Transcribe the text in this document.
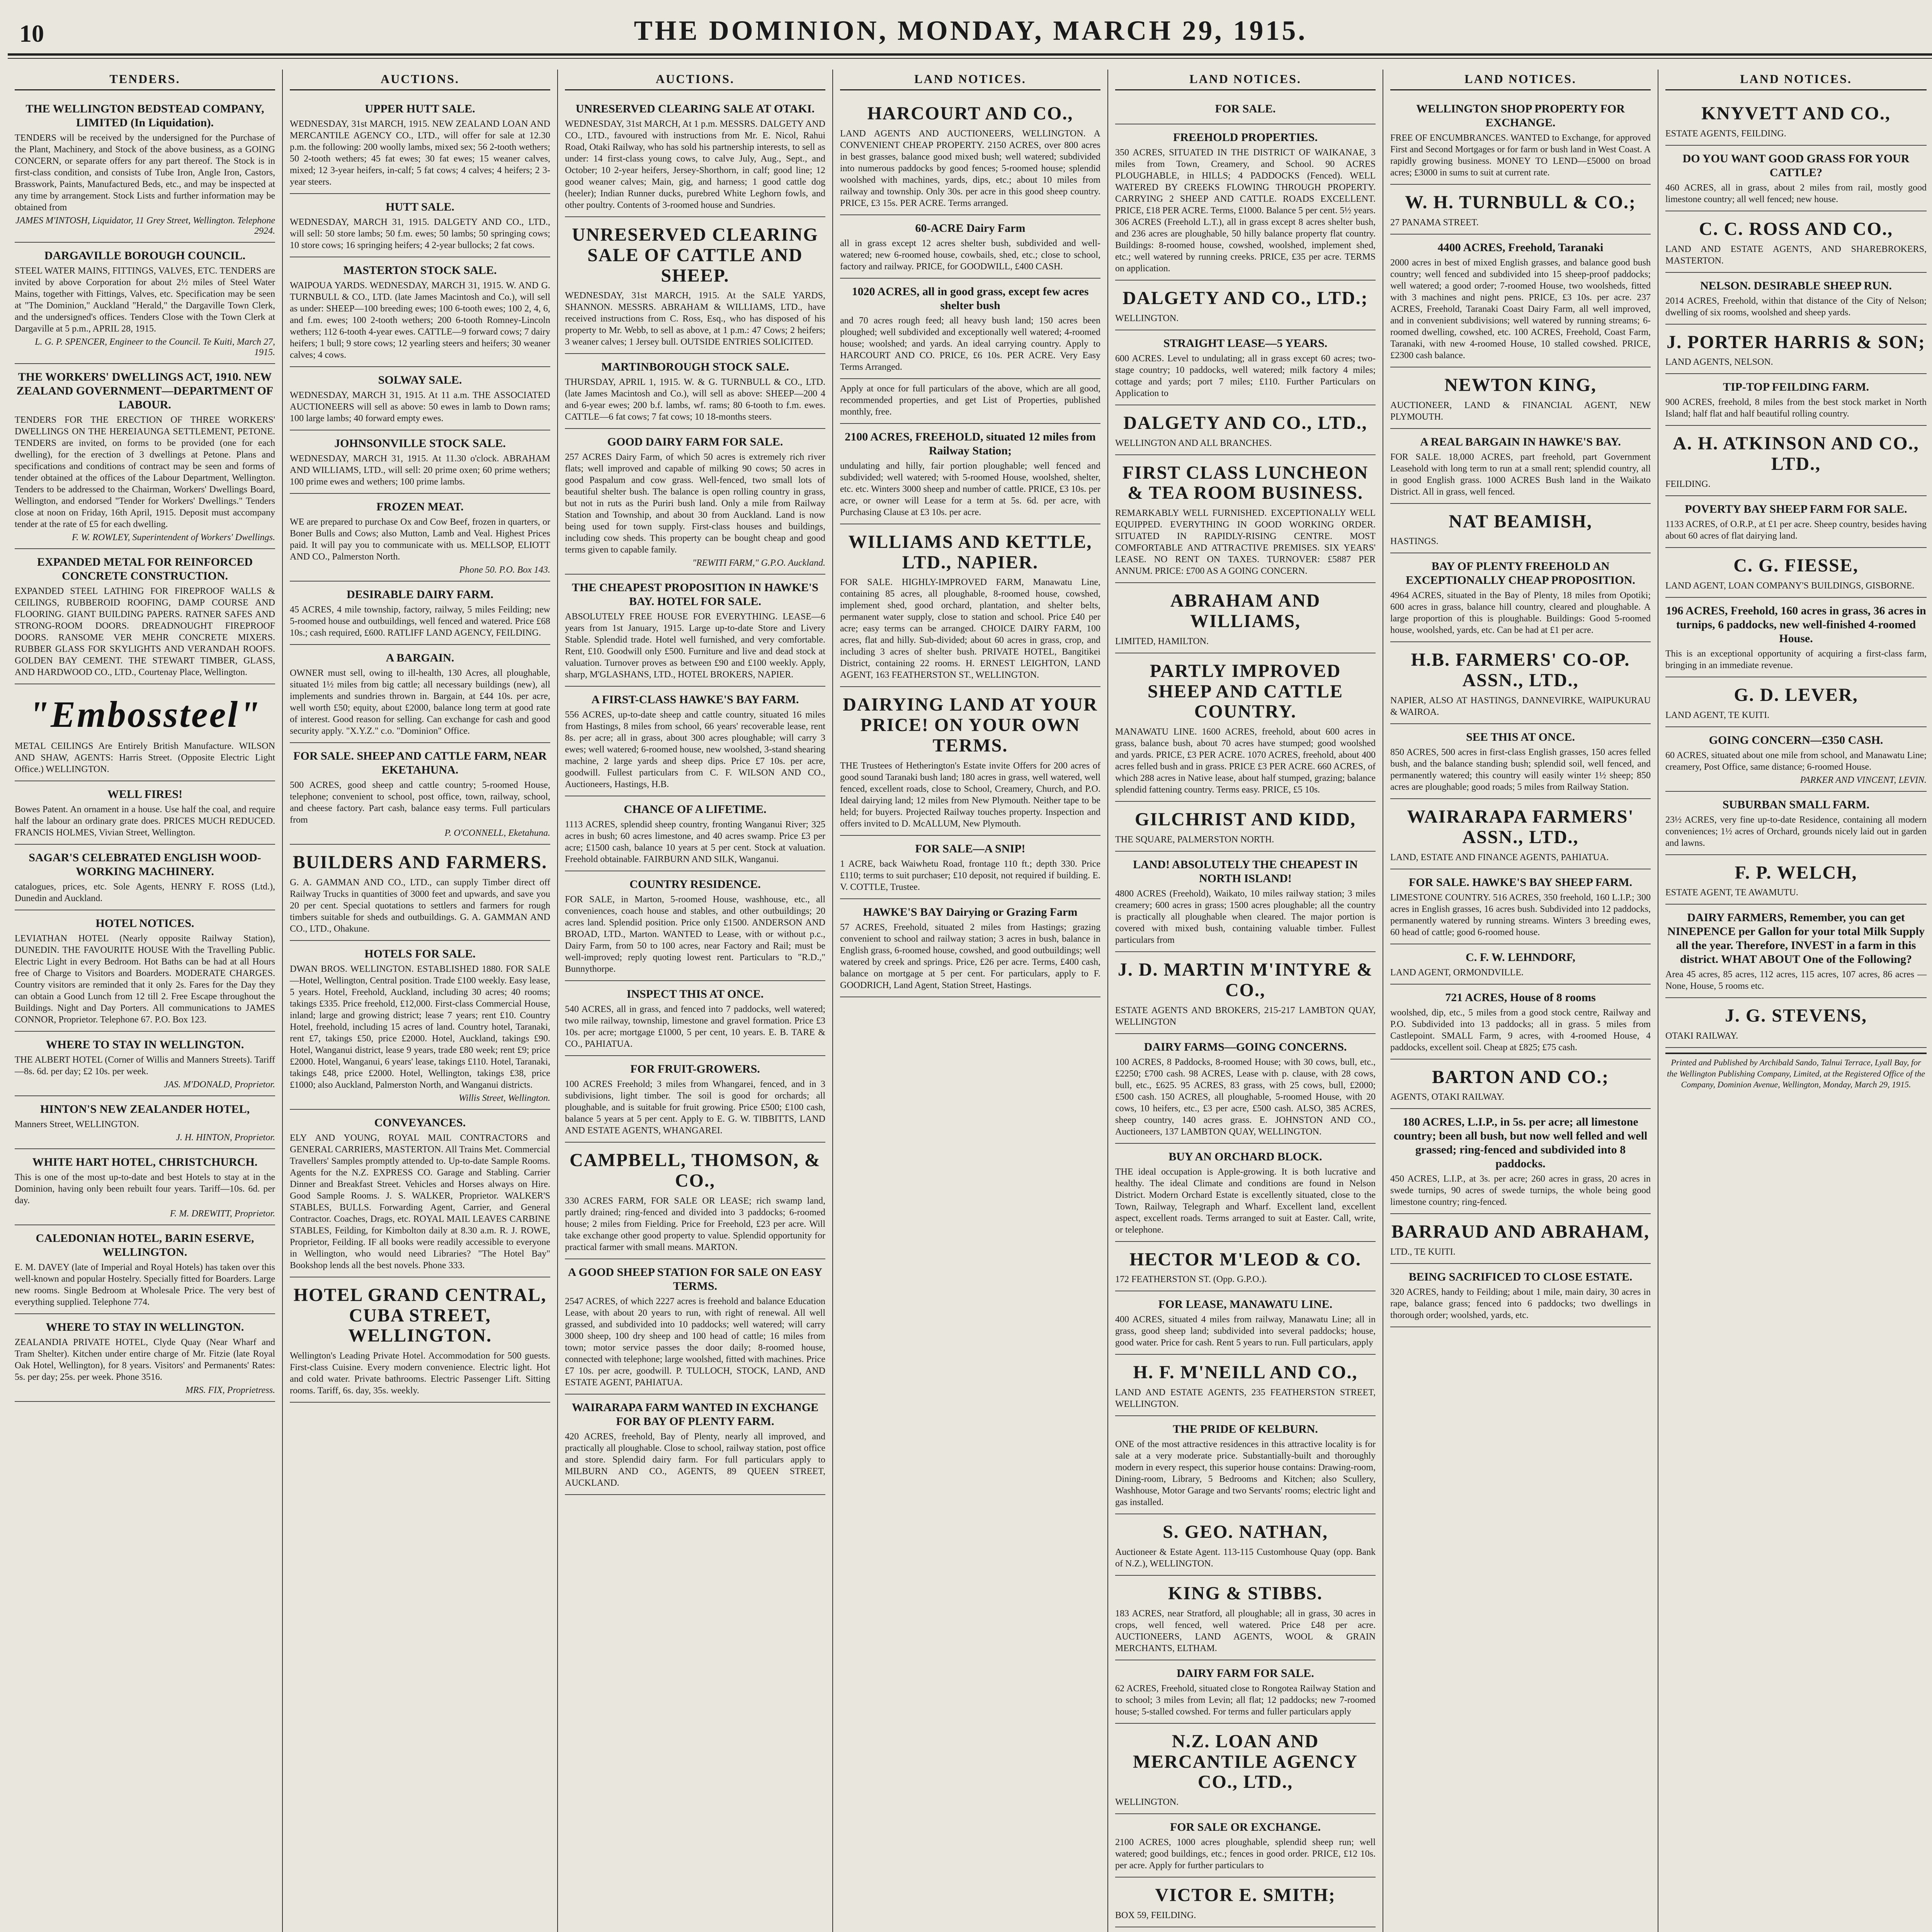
10	THE DOMINION, MONDAY, MARCH 29, 1915.
TENDERS.
THE WELLINGTON BEDSTEAD COMPANY, LIMITED (In Liquidation).
TENDERS will be received by the undersigned for the Purchase of the Plant, Machinery, and Stock of the above business, as a GOING CONCERN, or separate offers for any part thereof. The Stock is in first-class condition, and consists of Tube Iron, Angle Iron, Castors, Brasswork, Paints, Manufactured Beds, etc., and may be inspected at any time by arrangement. Stock Lists and further information may be obtained from
JAMES M'INTOSH, Liquidator, 11 Grey Street, Wellington. Telephone 2924.
DARGAVILLE BOROUGH COUNCIL.
STEEL WATER MAINS, FITTINGS, VALVES, ETC. TENDERS are invited by above Corporation for about 2½ miles of Steel Water Mains, together with Fittings, Valves, etc. Specification may be seen at "The Dominion," Auckland "Herald," the Dargaville Town Clerk, and the undersigned's offices. Tenders Close with the Town Clerk at Dargaville at 5 p.m., APRIL 28, 1915.
L. G. P. SPENCER, Engineer to the Council. Te Kuiti, March 27, 1915.
THE WORKERS' DWELLINGS ACT, 1910. NEW ZEALAND GOVERNMENT—DEPARTMENT OF LABOUR.
TENDERS FOR THE ERECTION OF THREE WORKERS' DWELLINGS ON THE HEREIAUNGA SETTLEMENT, PETONE. TENDERS are invited, on forms to be provided (one for each dwelling), for the erection of 3 dwellings at Petone. Plans and specifications and conditions of contract may be seen and forms of tender obtained at the offices of the Labour Department, Wellington. Tenders to be addressed to the Chairman, Workers' Dwellings Board, Wellington, and endorsed "Tender for Workers' Dwellings." Tenders close at noon on Friday, 16th April, 1915. Deposit must accompany tender at the rate of £5 for each dwelling.
F. W. ROWLEY, Superintendent of Workers' Dwellings.
EXPANDED METAL FOR REINFORCED CONCRETE CONSTRUCTION.
EXPANDED STEEL LATHING FOR FIREPROOF WALLS & CEILINGS, RUBBEROID ROOFING, DAMP COURSE AND FLOORING. GIANT BUILDING PAPERS. RATNER SAFES AND STRONG-ROOM DOORS. DREADNOUGHT FIREPROOF DOORS. RANSOME VER MEHR CONCRETE MIXERS. RUBBER GLASS FOR SKYLIGHTS AND VERANDAH ROOFS. GOLDEN BAY CEMENT. THE STEWART TIMBER, GLASS, AND HARDWOOD CO., LTD., Courtenay Place, Wellington.
"Embossteel"
METAL CEILINGS Are Entirely British Manufacture. WILSON AND SHAW, AGENTS: Harris Street. (Opposite Electric Light Office.) WELLINGTON.
WELL FIRES!
Bowes Patent. An ornament in a house. Use half the coal, and require half the labour an ordinary grate does. PRICES MUCH REDUCED. FRANCIS HOLMES, Vivian Street, Wellington.
SAGAR'S CELEBRATED ENGLISH WOOD-WORKING MACHINERY.
catalogues, prices, etc. Sole Agents, HENRY F. ROSS (Ltd.), Dunedin and Auckland.
HOTEL NOTICES.
LEVIATHAN HOTEL (Nearly opposite Railway Station), DUNEDIN. THE FAVOURITE HOUSE With the Travelling Public. Electric Light in every Bedroom. Hot Baths can be had at all Hours free of Charge to Visitors and Boarders. MODERATE CHARGES. Country visitors are reminded that it only 2s. Fares for the Day they can obtain a Good Lunch from 12 till 2. Free Escape throughout the Buildings. Night and Day Porters. All communications to JAMES CONNOR, Proprietor. Telephone 67. P.O. Box 123.
WHERE TO STAY IN WELLINGTON.
THE ALBERT HOTEL (Corner of Willis and Manners Streets). Tariff—8s. 6d. per day; £2 10s. per week.
JAS. M'DONALD, Proprietor.
HINTON'S NEW ZEALANDER HOTEL,
Manners Street, WELLINGTON.
J. H. HINTON, Proprietor.
WHITE HART HOTEL, CHRISTCHURCH.
This is one of the most up-to-date and best Hotels to stay at in the Dominion, having only been rebuilt four years. Tariff—10s. 6d. per day.
F. M. DREWITT, Proprietor.
CALEDONIAN HOTEL, BARIN ESERVE, WELLINGTON.
E. M. DAVEY (late of Imperial and Royal Hotels) has taken over this well-known and popular Hostelry. Specially fitted for Boarders. Large new rooms. Single Bedroom at Wholesale Price. The very best of everything supplied. Telephone 774.
WHERE TO STAY IN WELLINGTON.
ZEALANDIA PRIVATE HOTEL, Clyde Quay (Near Wharf and Tram Shelter). Kitchen under entire charge of Mr. Fitzie (late Royal Oak Hotel, Wellington), for 8 years. Visitors' and Permanents' Rates: 5s. per day; 25s. per week. Phone 3516.
MRS. FIX, Proprietress.
AUCTIONS.
UPPER HUTT SALE.
WEDNESDAY, 31st MARCH, 1915. NEW ZEALAND LOAN AND MERCANTILE AGENCY CO., LTD., will offer for sale at 12.30 p.m. the following: 200 woolly lambs, mixed sex; 56 2-tooth wethers; 50 2-tooth wethers; 45 fat ewes; 30 fat ewes; 15 weaner calves, mixed; 12 3-year heifers, in-calf; 5 fat cows; 4 calves; 4 heifers; 2 3-year steers.
HUTT SALE.
WEDNESDAY, MARCH 31, 1915. DALGETY AND CO., LTD., will sell: 50 store lambs; 50 f.m. ewes; 50 lambs; 50 springing cows; 10 store cows; 16 springing heifers; 4 2-year bullocks; 2 fat cows.
MASTERTON STOCK SALE.
WAIPOUA YARDS. WEDNESDAY, MARCH 31, 1915. W. AND G. TURNBULL & CO., LTD. (late James Macintosh and Co.), will sell as under: SHEEP—100 breeding ewes; 100 6-tooth ewes; 100 2, 4, 6, and f.m. ewes; 100 2-tooth wethers; 200 6-tooth Romney-Lincoln wethers; 112 6-tooth 4-year ewes. CATTLE—9 forward cows; 7 dairy heifers; 1 bull; 9 store cows; 12 yearling steers and heifers; 30 weaner calves; 4 cows.
SOLWAY SALE.
WEDNESDAY, MARCH 31, 1915. At 11 a.m. THE ASSOCIATED AUCTIONEERS will sell as above: 50 ewes in lamb to Down rams; 100 large lambs; 40 forward empty ewes.
JOHNSONVILLE STOCK SALE.
WEDNESDAY, MARCH 31, 1915. At 11.30 o'clock. ABRAHAM AND WILLIAMS, LTD., will sell: 20 prime oxen; 60 prime wethers; 100 prime ewes and wethers; 100 prime lambs.
FROZEN MEAT.
WE are prepared to purchase Ox and Cow Beef, frozen in quarters, or Boner Bulls and Cows; also Mutton, Lamb and Veal. Highest Prices paid. It will pay you to communicate with us. MELLSOP, ELIOTT AND CO., Palmerston North.
Phone 50. P.O. Box 143.
DESIRABLE DAIRY FARM.
45 ACRES, 4 mile township, factory, railway, 5 miles Feilding; new 5-roomed house and outbuildings, well fenced and watered. Price £68 10s.; cash required, £600. RATLIFF LAND AGENCY, FEILDING.
A BARGAIN.
OWNER must sell, owing to ill-health, 130 Acres, all ploughable, situated 1½ miles from big cattle; all necessary buildings (new), all implements and sundries thrown in. Bargain, at £44 10s. per acre, well worth £50; equity, about £2000, balance long term at good rate of interest. Good reason for selling. Can exchange for cash and good security apply. "X.Y.Z." c.o. "Dominion" Office.
FOR SALE. SHEEP AND CATTLE FARM, NEAR EKETAHUNA.
500 ACRES, good sheep and cattle country; 5-roomed House, telephone; convenient to school, post office, town, railway, school, and cheese factory. Part cash, balance easy terms. Full particulars from
P. O'CONNELL, Eketahuna.
BUILDERS AND FARMERS.
G. A. GAMMAN AND CO., LTD., can supply Timber direct off Railway Trucks in quantities of 3000 feet and upwards, and save you 20 per cent. Special quotations to settlers and farmers for rough timbers suitable for sheds and outbuildings. G. A. GAMMAN AND CO., LTD., Ohakune.
HOTELS FOR SALE.
DWAN BROS. WELLINGTON. ESTABLISHED 1880. FOR SALE—Hotel, Wellington, Central position. Trade £100 weekly. Easy lease, 5 years. Hotel, Freehold, Auckland, including 30 acres; 40 rooms; takings £335. Price freehold, £12,000. First-class Commercial House, inland; large and growing district; lease 7 years; rent £10. Country Hotel, freehold, including 15 acres of land. Country hotel, Taranaki, rent £7, takings £50, price £2000. Hotel, Auckland, takings £90. Hotel, Wanganui district, lease 9 years, trade £80 week; rent £9; price £2000. Hotel, Wanganui, 6 years' lease, takings £110. Hotel, Taranaki, takings £48, price £2000. Hotel, Wellington, takings £38, price £1000; also Auckland, Palmerston North, and Wanganui districts.
Willis Street, Wellington.
CONVEYANCES.
ELY AND YOUNG, ROYAL MAIL CONTRACTORS and GENERAL CARRIERS, MASTERTON. All Trains Met. Commercial Travellers' Samples promptly attended to. Up-to-date Sample Rooms. Agents for the N.Z. EXPRESS CO. Garage and Stabling. Carrier Dinner and Breakfast Street. Vehicles and Horses always on Hire. Good Sample Rooms. J. S. WALKER, Proprietor. WALKER'S STABLES, BULLS. Forwarding Agent, Carrier, and General Contractor. Coaches, Drags, etc. ROYAL MAIL LEAVES CARBINE STABLES, Feilding, for Kimbolton daily at 8.30 a.m. R. J. ROWE, Proprietor, Feilding. IF all books were readily accessible to everyone in Wellington, who would need Libraries? "The Hotel Bay" Bookshop lends all the best novels. Phone 333.
HOTEL GRAND CENTRAL, CUBA STREET, WELLINGTON.
Wellington's Leading Private Hotel. Accommodation for 500 guests. First-class Cuisine. Every modern convenience. Electric light. Hot and cold water. Private bathrooms. Electric Passenger Lift. Sitting rooms. Tariff, 6s. day, 35s. weekly.
AUCTIONS.
UNRESERVED CLEARING SALE AT OTAKI.
WEDNESDAY, 31st MARCH, At 1 p.m. MESSRS. DALGETY AND CO., LTD., favoured with instructions from Mr. E. Nicol, Rahui Road, Otaki Railway, who has sold his partnership interests, to sell as under: 14 first-class young cows, to calve July, Aug., Sept., and October; 10 2-year heifers, Jersey-Shorthorn, in calf; good line; 12 good weaner calves; Main, gig, and harness; 1 good cattle dog (heeler); Indian Runner ducks, purebred White Leghorn fowls, and other poultry. Contents of 3-roomed house and Sundries.
UNRESERVED CLEARING SALE OF CATTLE AND SHEEP.
WEDNESDAY, 31st MARCH, 1915. At the SALE YARDS, SHANNON. MESSRS. ABRAHAM & WILLIAMS, LTD., have received instructions from C. Ross, Esq., who has disposed of his property to Mr. Webb, to sell as above, at 1 p.m.: 47 Cows; 2 heifers; 3 weaner calves; 1 Jersey bull. OUTSIDE ENTRIES SOLICITED.
MARTINBOROUGH STOCK SALE.
THURSDAY, APRIL 1, 1915. W. & G. TURNBULL & CO., LTD. (late James Macintosh and Co.), will sell as above: SHEEP—200 4 and 6-year ewes; 200 b.f. lambs, wf. rams; 80 6-tooth to f.m. ewes. CATTLE—6 fat cows; 7 fat cows; 10 18-months steers.
GOOD DAIRY FARM FOR SALE.
257 ACRES Dairy Farm, of which 50 acres is extremely rich river flats; well improved and capable of milking 90 cows; 50 acres in good Paspalum and cow grass. Well-fenced, two small lots of beautiful shelter bush. The balance is open rolling country in grass, but not in ruts as the Puriri bush land. Only a mile from Railway Station and Township, and about 30 from Auckland. Land is now being used for town supply. First-class houses and buildings, including cow sheds. This property can be bought cheap and good terms given to capable family.
"REWITI FARM," G.P.O. Auckland.
THE CHEAPEST PROPOSITION IN HAWKE'S BAY. HOTEL FOR SALE.
ABSOLUTELY FREE HOUSE FOR EVERYTHING. LEASE—6 years from 1st January, 1915. Large up-to-date Store and Livery Stable. Splendid trade. Hotel well furnished, and very comfortable. Rent, £10. Goodwill only £500. Furniture and live and dead stock at valuation. Turnover proves as between £90 and £100 weekly. Apply, sharp, M'GLASHANS, LTD., HOTEL BROKERS, NAPIER.
A FIRST-CLASS HAWKE'S BAY FARM.
556 ACRES, up-to-date sheep and cattle country, situated 16 miles from Hastings, 8 miles from school, 66 years' recoverable lease, rent 8s. per acre; all in grass, about 300 acres ploughable; will carry 3 ewes; well watered; 6-roomed house, new woolshed, 3-stand shearing machine, 2 large yards and sheep dips. Price £7 10s. per acre, goodwill. Fullest particulars from C. F. WILSON AND CO., Auctioneers, Hastings, H.B.
CHANCE OF A LIFETIME.
1113 ACRES, splendid sheep country, fronting Wanganui River; 325 acres in bush; 60 acres limestone, and 40 acres swamp. Price £3 per acre; £1500 cash, balance 10 years at 5 per cent. Stock at valuation. Freehold obtainable. FAIRBURN AND SILK, Wanganui.
COUNTRY RESIDENCE.
FOR SALE, in Marton, 5-roomed House, washhouse, etc., all conveniences, coach house and stables, and other outbuildings; 20 acres land. Splendid position. Price only £1500. ANDERSON AND BROAD, LTD., Marton. WANTED to Lease, with or without p.c., Dairy Farm, from 50 to 100 acres, near Factory and Rail; must be well-improved; reply quoting lowest rent. Particulars to "R.D.," Bunnythorpe.
INSPECT THIS AT ONCE.
540 ACRES, all in grass, and fenced into 7 paddocks, well watered; two mile railway, township, limestone and gravel formation. Price £3 10s. per acre; mortgage £1000, 5 per cent, 10 years. E. B. TARE & CO., PAHIATUA.
FOR FRUIT-GROWERS.
100 ACRES Freehold; 3 miles from Whangarei, fenced, and in 3 subdivisions, light timber. The soil is good for orchards; all ploughable, and is suitable for fruit growing. Price £500; £100 cash, balance 5 years at 5 per cent. Apply to E. G. W. TIBBITTS, LAND AND ESTATE AGENTS, WHANGAREI.
CAMPBELL, THOMSON, & CO.,
330 ACRES FARM, FOR SALE OR LEASE; rich swamp land, partly drained; ring-fenced and divided into 3 paddocks; 6-roomed house; 2 miles from Fielding. Price for Freehold, £23 per acre. Will take exchange other good property to value. Splendid opportunity for practical farmer with small means. MARTON.
A GOOD SHEEP STATION FOR SALE ON EASY TERMS.
2547 ACRES, of which 2227 acres is freehold and balance Education Lease, with about 20 years to run, with right of renewal. All well grassed, and subdivided into 10 paddocks; well watered; will carry 3000 sheep, 100 dry sheep and 100 head of cattle; 16 miles from town; motor service passes the door daily; 8-roomed house, connected with telephone; large woolshed, fitted with machines. Price £7 10s. per acre, goodwill. P. TULLOCH, STOCK, LAND, AND ESTATE AGENT, PAHIATUA.
WAIRARAPA FARM WANTED IN EXCHANGE FOR BAY OF PLENTY FARM.
420 ACRES, freehold, Bay of Plenty, nearly all improved, and practically all ploughable. Close to school, railway station, post office and store. Splendid dairy farm. For full particulars apply to MILBURN AND CO., AGENTS, 89 QUEEN STREET, AUCKLAND.
LAND NOTICES.
HARCOURT AND CO.,
LAND AGENTS AND AUCTIONEERS, WELLINGTON. A CONVENIENT CHEAP PROPERTY. 2150 ACRES, over 800 acres in best grasses, balance good mixed bush; well watered; subdivided into numerous paddocks by good fences; 5-roomed house; splendid woolshed with machines, yards, dips, etc.; about 10 miles from railway and township. Only 30s. per acre in this good sheep country. PRICE, £3 15s. PER ACRE. Terms arranged.
60-ACRE Dairy Farm
all in grass except 12 acres shelter bush, subdivided and well-watered; new 6-roomed house, cowbails, shed, etc.; close to school, factory and railway. PRICE, for GOODWILL, £400 CASH.
1020 ACRES, all in good grass, except few acres shelter bush
and 70 acres rough feed; all heavy bush land; 150 acres been ploughed; well subdivided and exceptionally well watered; 4-roomed house; woolshed; and yards. An ideal carrying country. Apply to HARCOURT AND CO. PRICE, £6 10s. PER ACRE. Very Easy Terms Arranged.
Apply at once for full particulars of the above, which are all good, recommended properties, and get List of Properties, published monthly, free.
2100 ACRES, FREEHOLD, situated 12 miles from Railway Station;
undulating and hilly, fair portion ploughable; well fenced and subdivided; well watered; with 5-roomed House, woolshed, shelter, etc. etc. Winters 3000 sheep and number of cattle. PRICE, £3 10s. per acre, or owner will Lease for a term at 5s. 6d. per acre, with Purchasing Clause at £3 10s. per acre.
WILLIAMS AND KETTLE, LTD., NAPIER.
FOR SALE. HIGHLY-IMPROVED FARM, Manawatu Line, containing 85 acres, all ploughable, 8-roomed house, cowshed, implement shed, good orchard, plantation, and shelter belts, permanent water supply, close to station and school. Price £40 per acre; easy terms can be arranged. CHOICE DAIRY FARM, 100 acres, flat and hilly. Sub-divided; about 60 acres in grass, crop, and including 3 acres of shelter bush. PRIVATE HOTEL, Bangitikei District, containing 22 rooms. H. ERNEST LEIGHTON, LAND AGENT, 163 FEATHERSTON ST., WELLINGTON.
DAIRYING LAND AT YOUR PRICE! ON YOUR OWN TERMS.
THE Trustees of Hetherington's Estate invite Offers for 200 acres of good sound Taranaki bush land; 180 acres in grass, well watered, well fenced, excellent roads, close to School, Creamery, Church, and P.O. Ideal dairying land; 12 miles from New Plymouth. Neither tape to be held; for buyers. Projected Railway touches property. Inspection and offers invited to D. McALLUM, New Plymouth.
FOR SALE—A SNIP!
1 ACRE, back Waiwhetu Road, frontage 110 ft.; depth 330. Price £110; terms to suit purchaser; £10 deposit, not required if building. E. V. COTTLE, Trustee.
HAWKE'S BAY Dairying or Grazing Farm
57 ACRES, Freehold, situated 2 miles from Hastings; grazing convenient to school and railway station; 3 acres in bush, balance in English grass, 6-roomed house, cowshed, and good outbuildings; well watered by creek and springs. Price, £26 per acre. Terms, £400 cash, balance on mortgage at 5 per cent. For particulars, apply to F. GOODRICH, Land Agent, Station Street, Hastings.
LAND NOTICES.
FOR SALE.
FREEHOLD PROPERTIES.
350 ACRES, SITUATED IN THE DISTRICT OF WAIKANAE, 3 miles from Town, Creamery, and School. 90 ACRES PLOUGHABLE, in HILLS; 4 PADDOCKS (Fenced). WELL WATERED BY CREEKS FLOWING THROUGH PROPERTY. CARRYING 2 SHEEP AND CATTLE. ROADS EXCELLENT. PRICE, £18 PER ACRE. Terms, £1000. Balance 5 per cent. 5½ years. 306 ACRES (Freehold L.T.), all in grass except 8 acres shelter bush, and 236 acres are ploughable, 50 hilly balance property flat country. Buildings: 8-roomed house, cowshed, woolshed, implement shed, etc.; well watered by running creeks. PRICE, £35 per acre. TERMS on application.
DALGETY AND CO., LTD.;
WELLINGTON.
STRAIGHT LEASE—5 YEARS.
600 ACRES. Level to undulating; all in grass except 60 acres; two-stage country; 10 paddocks, well watered; milk factory 4 miles; cottage and yards; port 7 miles; £110. Further Particulars on Application to
DALGETY AND CO., LTD.,
WELLINGTON AND ALL BRANCHES.
FIRST CLASS LUNCHEON & TEA ROOM BUSINESS.
REMARKABLY WELL FURNISHED. EXCEPTIONALLY WELL EQUIPPED. EVERYTHING IN GOOD WORKING ORDER. SITUATED IN RAPIDLY-RISING CENTRE. MOST COMFORTABLE AND ATTRACTIVE PREMISES. SIX YEARS' LEASE. NO RENT ON TAXES. TURNOVER: £5887 PER ANNUM. PRICE: £700 AS A GOING CONCERN.
ABRAHAM AND WILLIAMS,
LIMITED, HAMILTON.
PARTLY IMPROVED SHEEP AND CATTLE COUNTRY.
MANAWATU LINE. 1600 ACRES, freehold, about 600 acres in grass, balance bush, about 70 acres have stumped; good woolshed and yards. PRICE, £3 PER ACRE. 1070 ACRES, freehold, about 400 acres felled bush and in grass. PRICE £3 PER ACRE. 660 ACRES, of which 288 acres in Native lease, about half stumped, grazing; balance splendid fattening country. Terms easy. PRICE, £5 10s.
GILCHRIST AND KIDD,
THE SQUARE, PALMERSTON NORTH.
LAND! ABSOLUTELY THE CHEAPEST IN NORTH ISLAND!
4800 ACRES (Freehold), Waikato, 10 miles railway station; 3 miles creamery; 600 acres in grass; 1500 acres ploughable; all the country is practically all ploughable when cleared. The major portion is covered with mixed bush, containing valuable timber. Fullest particulars from
J. D. MARTIN M'INTYRE & CO.,
ESTATE AGENTS AND BROKERS, 215-217 LAMBTON QUAY, WELLINGTON
DAIRY FARMS—GOING CONCERNS.
100 ACRES, 8 Paddocks, 8-roomed House; with 30 cows, bull, etc., £2250; £700 cash. 98 ACRES, Lease with p. clause, with 28 cows, bull, etc., £625. 95 ACRES, 83 grass, with 25 cows, bull, £2000; £500 cash. 150 ACRES, all ploughable, 5-roomed House, with 20 cows, 10 heifers, etc., £3 per acre, £500 cash. ALSO, 385 ACRES, sheep country, 140 acres grass. E. JOHNSTON AND CO., Auctioneers, 137 LAMBTON QUAY, WELLINGTON.
BUY AN ORCHARD BLOCK.
THE ideal occupation is Apple-growing. It is both lucrative and healthy. The ideal Climate and conditions are found in Nelson District. Modern Orchard Estate is excellently situated, close to the Town, Railway, Telegraph and Wharf. Excellent land, excellent aspect, excellent roads. Terms arranged to suit at Easter. Call, write, or telephone.
HECTOR M'LEOD & CO.
172 FEATHERSTON ST. (Opp. G.P.O.).
FOR LEASE, MANAWATU LINE.
400 ACRES, situated 4 miles from railway, Manawatu Line; all in grass, good sheep land; subdivided into several paddocks; house, good water. Price for cash. Rent 5 years to run. Full particulars, apply
H. F. M'NEILL AND CO.,
LAND AND ESTATE AGENTS, 235 FEATHERSTON STREET, WELLINGTON.
THE PRIDE OF KELBURN.
ONE of the most attractive residences in this attractive locality is for sale at a very moderate price. Substantially-built and thoroughly modern in every respect, this superior house contains: Drawing-room, Dining-room, Library, 5 Bedrooms and Kitchen; also Scullery, Washhouse, Motor Garage and two Servants' rooms; electric light and gas installed.
S. GEO. NATHAN,
Auctioneer & Estate Agent. 113-115 Customhouse Quay (opp. Bank of N.Z.), WELLINGTON.
KING & STIBBS.
183 ACRES, near Stratford, all ploughable; all in grass, 30 acres in crops, well fenced, well watered. Price £48 per acre. AUCTIONEERS, LAND AGENTS, WOOL & GRAIN MERCHANTS, ELTHAM.
DAIRY FARM FOR SALE.
62 ACRES, Freehold, situated close to Rongotea Railway Station and to school; 3 miles from Levin; all flat; 12 paddocks; new 7-roomed house; 5-stalled cowshed. For terms and fuller particulars apply
N.Z. LOAN AND MERCANTILE AGENCY CO., LTD.,
WELLINGTON.
FOR SALE OR EXCHANGE.
2100 ACRES, 1000 acres ploughable, splendid sheep run; well watered; good buildings, etc.; fences in good order. PRICE, £12 10s. per acre. Apply for further particulars to
VICTOR E. SMITH;
BOX 59, FEILDING.
LAND NOTICES.
WELLINGTON SHOP PROPERTY FOR EXCHANGE.
FREE OF ENCUMBRANCES. WANTED to Exchange, for approved First and Second Mortgages or for farm or bush land in West Coast. A rapidly growing business. MONEY TO LEND—£5000 on broad acres; £3000 in sums to suit at current rate.
W. H. TURNBULL & CO.;
27 PANAMA STREET.
4400 ACRES, Freehold, Taranaki
2000 acres in best of mixed English grasses, and balance good bush country; well fenced and subdivided into 15 sheep-proof paddocks; well watered; a good order; 7-roomed House, two woolsheds, fitted with 3 machines and night pens. PRICE, £3 10s. per acre. 237 ACRES, Freehold, Taranaki Coast Dairy Farm, all well improved, and in convenient subdivisions; well watered by running streams; 6-roomed dwelling, cowshed, etc. 100 ACRES, Freehold, Coast Farm, Taranaki, with new 4-roomed House, 10 stalled cowshed. PRICE, £2300 cash balance.
NEWTON KING,
AUCTIONEER, LAND & FINANCIAL AGENT, NEW PLYMOUTH.
A REAL BARGAIN IN HAWKE'S BAY.
FOR SALE. 18,000 ACRES, part freehold, part Government Leasehold with long term to run at a small rent; splendid country, all in good English grass. 1000 ACRES Bush land in the Waikato District. All in grass, well fenced.
NAT BEAMISH,
HASTINGS.
BAY OF PLENTY FREEHOLD AN EXCEPTIONALLY CHEAP PROPOSITION.
4964 ACRES, situated in the Bay of Plenty, 18 miles from Opotiki; 600 acres in grass, balance hill country, cleared and ploughable. A large proportion of this is ploughable. Buildings: Good 5-roomed house, woolshed, yards, etc. Can be had at £1 per acre.
H.B. FARMERS' CO-OP. ASSN., LTD.,
NAPIER, ALSO AT HASTINGS, DANNEVIRKE, WAIPUKURAU & WAIROA.
SEE THIS AT ONCE.
850 ACRES, 500 acres in first-class English grasses, 150 acres felled bush, and the balance standing bush; splendid soil, well fenced, and permanently watered; this country will easily winter 1½ sheep; 850 acres are ploughable; good roads; 5 miles from Railway Station.
WAIRARAPA FARMERS' ASSN., LTD.,
LAND, ESTATE AND FINANCE AGENTS, PAHIATUA.
FOR SALE. HAWKE'S BAY SHEEP FARM.
LIMESTONE COUNTRY. 516 ACRES, 350 freehold, 160 L.I.P.; 300 acres in English grasses, 16 acres bush. Subdivided into 12 paddocks, permanently watered by running streams. Winters 3 breeding ewes, 60 head of cattle; good 6-roomed house.
C. F. W. LEHNDORF,
LAND AGENT, ORMONDVILLE.
721 ACRES, House of 8 rooms
woolshed, dip, etc., 5 miles from a good stock centre, Railway and P.O. Subdivided into 13 paddocks; all in grass. 5 miles from Castlepoint. SMALL Farm, 9 acres, with 4-roomed House, 4 paddocks, excellent soil. Cheap at £825; £75 cash.
BARTON AND CO.;
AGENTS, OTAKI RAILWAY.
180 ACRES, L.I.P., in 5s. per acre; all limestone country; been all bush, but now well felled and well grassed; ring-fenced and subdivided into 8 paddocks.
450 ACRES, L.I.P., at 3s. per acre; 260 acres in grass, 20 acres in swede turnips, 90 acres of swede turnips, the whole being good limestone country; ring-fenced.
BARRAUD AND ABRAHAM,
LTD., TE KUITI.
BEING SACRIFICED TO CLOSE ESTATE.
320 ACRES, handy to Feilding; about 1 mile, main dairy, 30 acres in rape, balance grass; fenced into 6 paddocks; two dwellings in thorough order; woolshed, yards, etc.
LAND NOTICES.
KNYVETT AND CO.,
ESTATE AGENTS, FEILDING.
DO YOU WANT GOOD GRASS FOR YOUR CATTLE?
460 ACRES, all in grass, about 2 miles from rail, mostly good limestone country; all well fenced; new house.
C. C. ROSS AND CO.,
LAND AND ESTATE AGENTS, AND SHAREBROKERS, MASTERTON.
NELSON. DESIRABLE SHEEP RUN.
2014 ACRES, Freehold, within that distance of the City of Nelson; dwelling of six rooms, woolshed and sheep yards.
J. PORTER HARRIS & SON;
LAND AGENTS, NELSON.
TIP-TOP FEILDING FARM.
900 ACRES, freehold, 8 miles from the best stock market in North Island; half flat and half beautiful rolling country.
A. H. ATKINSON AND CO., LTD.,
FEILDING.
POVERTY BAY SHEEP FARM FOR SALE.
1133 ACRES, of O.R.P., at £1 per acre. Sheep country, besides having about 60 acres of flat dairying land.
C. G. FIESSE,
LAND AGENT, LOAN COMPANY'S BUILDINGS, GISBORNE.
196 ACRES, Freehold, 160 acres in grass, 36 acres in turnips, 6 paddocks, new well-finished 4-roomed House.
This is an exceptional opportunity of acquiring a first-class farm, bringing in an immediate revenue.
G. D. LEVER,
LAND AGENT, TE KUITI.
GOING CONCERN—£350 CASH.
60 ACRES, situated about one mile from school, and Manawatu Line; creamery, Post Office, same distance; 6-roomed House.
PARKER AND VINCENT, LEVIN.
SUBURBAN SMALL FARM.
23½ ACRES, very fine up-to-date Residence, containing all modern conveniences; 1½ acres of Orchard, grounds nicely laid out in garden and lawns.
F. P. WELCH,
ESTATE AGENT, TE AWAMUTU.
DAIRY FARMERS, Remember, you can get NINEPENCE per Gallon for your total Milk Supply all the year. Therefore, INVEST in a farm in this district. WHAT ABOUT One of the Following?
Area 45 acres, 85 acres, 112 acres, 115 acres, 107 acres, 86 acres — None, House, 5 rooms etc.
J. G. STEVENS,
OTAKI RAILWAY.
Printed and Published by Archibald Sando, Talnui Terrace, Lyall Bay, for the Wellington Publishing Company, Limited, at the Registered Office of the Company, Dominion Avenue, Wellington, Monday, March 29, 1915.
